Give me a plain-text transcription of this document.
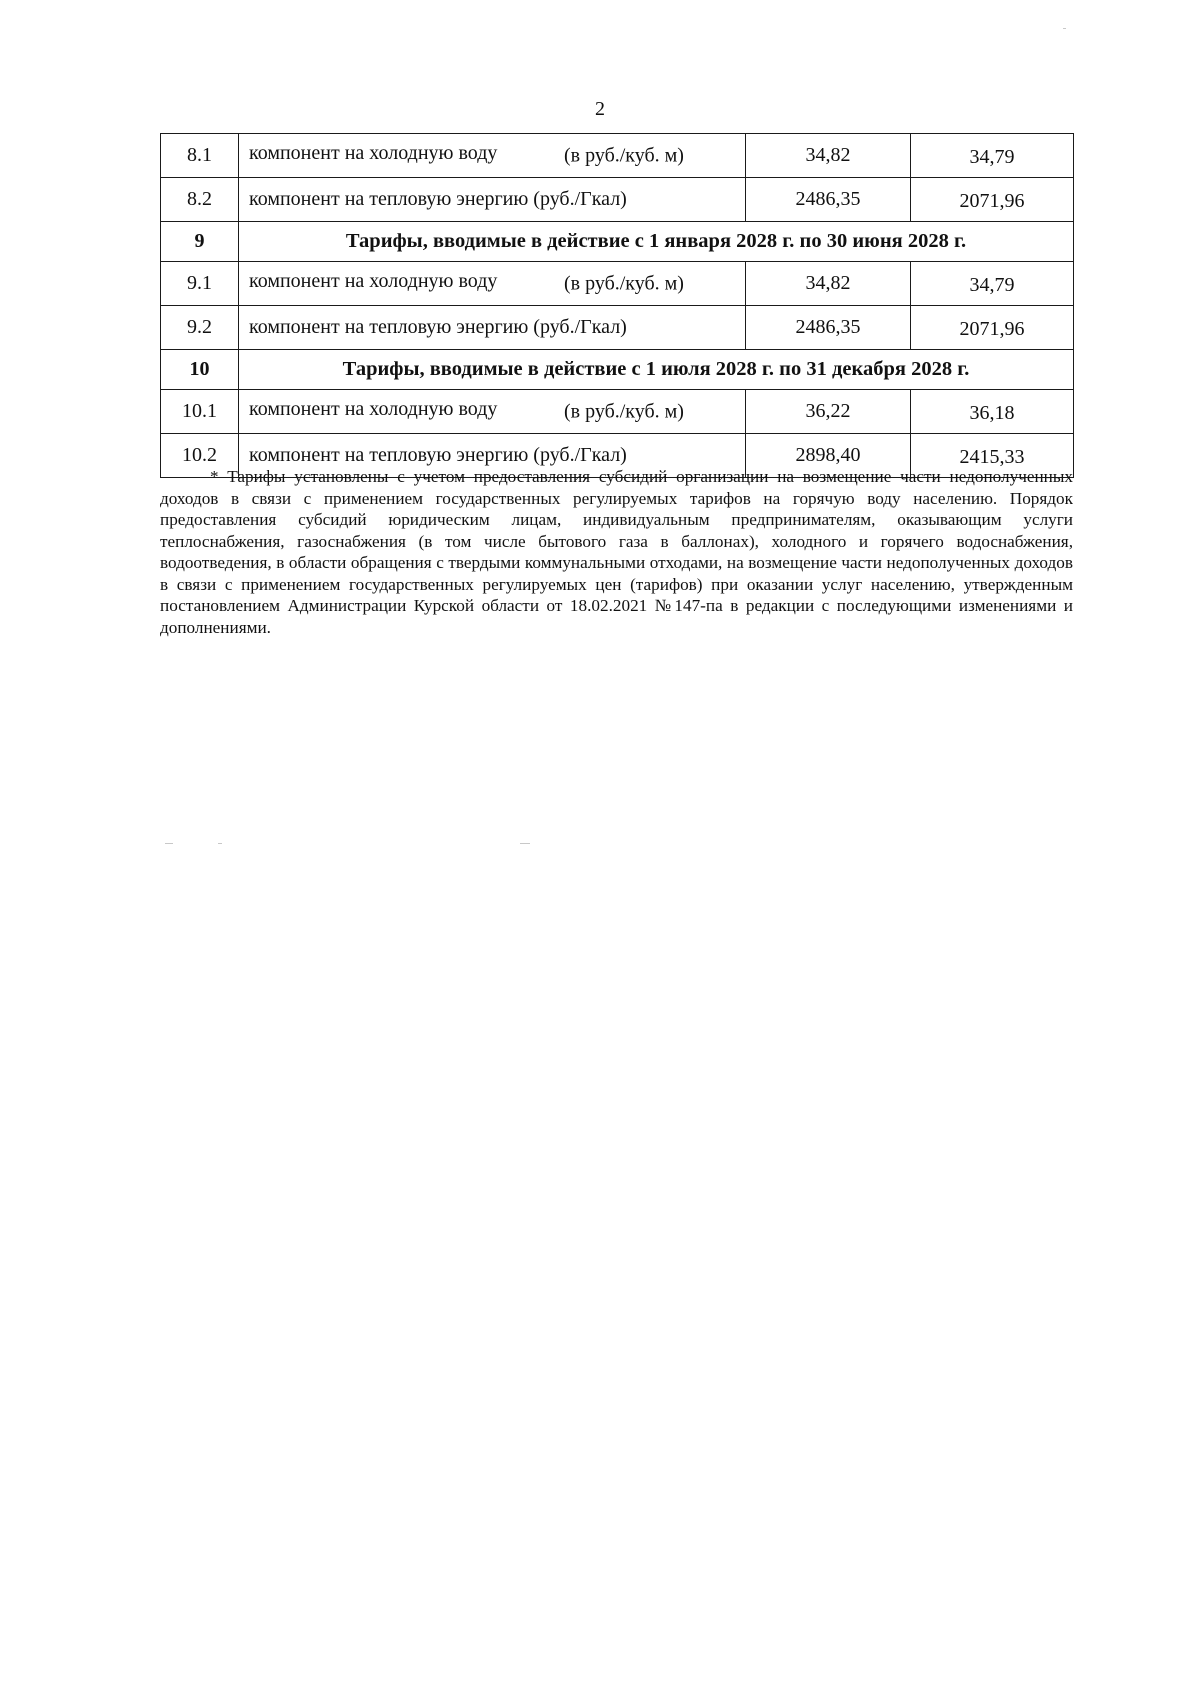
2
8.1	компонент на холодную воду (в руб./куб. м)	34,82	34,79
8.2	компонент на тепловую энергию (руб./Гкал)	2486,35	2071,96
9	Тарифы, вводимые в действие с 1 января 2028 г. по 30 июня 2028 г.		
9.1	компонент на холодную воду (в руб./куб. м)	34,82	34,79
9.2	компонент на тепловую энергию (руб./Гкал)	2486,35	2071,96
10	Тарифы, вводимые в действие с 1 июля 2028 г. по 31 декабря 2028 г.		
10.1	компонент на холодную воду (в руб./куб. м)	36,22	36,18
10.2	компонент на тепловую энергию (руб./Гкал)	2898,40	2415,33

* Тарифы установлены с учетом предоставления субсидий организации на возмещение части недополученных доходов в связи с применением государственных регулируемых тарифов на горячую воду населению. Порядок предоставления субсидий юридическим лицам, индивидуальным предпринимателям, оказывающим услуги теплоснабжения, газоснабжения (в том числе бытового газа в баллонах), холодного и горячего водоснабжения, водоотведения, в области обращения с твердыми коммунальными отходами, на возмещение части недополученных доходов в связи с применением государственных регулируемых цен (тарифов) при оказании услуг населению, утвержденным постановлением Администрации Курской области от 18.02.2021 №147-па в редакции с последующими изменениями и дополнениями.
